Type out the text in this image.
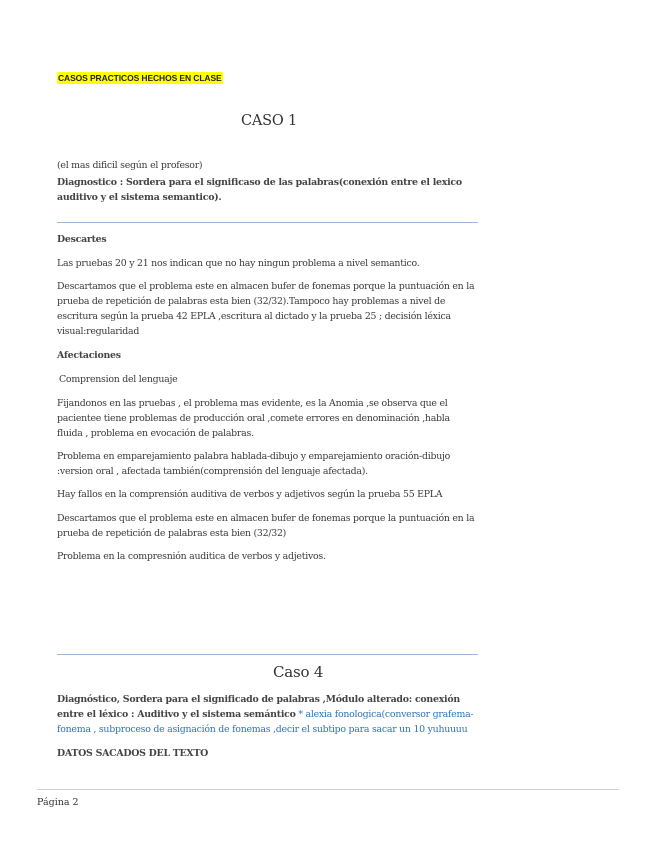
CASOS PRACTICOS HECHOS EN CLASE
CASO 1

(el mas dificil según el profesor)

Diagnostico : Sordera para el significaso de las palabras(conexión entre el lexico auditivo y el sistema semantico).

Descartes

Las pruebas 20 y 21 nos indican que no hay ningun problema a nivel semantico.

Descartamos que el problema este en almacen bufer de fonemas porque la puntuación en la prueba de repetición de palabras esta bien (32/32).Tampoco hay problemas a nivel de escritura según la prueba 42 EPLA ,escritura al dictado y la prueba 25 ; decisión léxica visual:regularidad

Afectaciones

Comprension del lenguaje

Fijandonos en las pruebas , el problema mas evidente, es la Anomia ,se observa que el pacientee tiene problemas de producción oral ,comete errores en denominación ,habla fluida , problema en evocación de palabras.

Problema en emparejamiento palabra hablada-dibujo y emparejamiento oración-dibujo :version oral , afectada también(comprensión del lenguaje afectada).

Hay fallos en la comprensión auditiva de verbos y adjetivos según la prueba 55 EPLA

Descartamos que el problema este en almacen bufer de fonemas porque la puntuación en la prueba de repetición de palabras esta bien (32/32)

Problema en la compresnión auditica de verbos y adjetivos.

Caso 4

Diagnóstico, Sordera para el significado de palabras ,Módulo alterado: conexión entre el léxico : Auditivo y el sistema semántico * alexia fonologica(conversor grafema-fonema , subproceso de asignación de fonemas ,decir el subtipo para sacar un 10 yuhuuuu

DATOS SACADOS DEL TEXTO

Página 2
